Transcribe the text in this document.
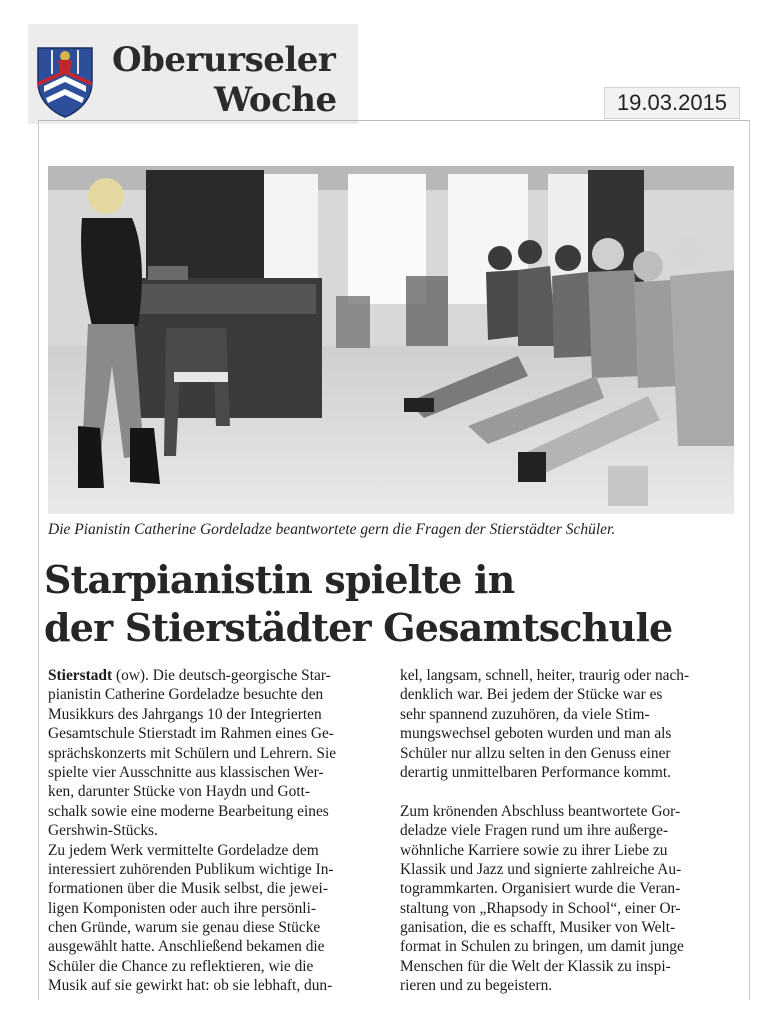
Oberurseler
Woche	19.03.2015
Die Pianistin Catherine Gordeladze beantwortete gern die Fragen der Stierstädter Schüler.
Starpianistin spielte in
der Stierstädter Gesamtschule
Stierstadt (ow). Die deutsch-georgische Star-
pianistin Catherine Gordeladze besuchte den
Musikkurs des Jahrgangs 10 der Integrierten
Gesamtschule Stierstadt im Rahmen eines Ge-
sprächskonzerts mit Schülern und Lehrern. Sie
spielte vier Ausschnitte aus klassischen Wer-
ken, darunter Stücke von Haydn und Gott-
schalk sowie eine moderne Bearbeitung eines
Gershwin-Stücks.
Zu jedem Werk vermittelte Gordeladze dem
interessiert zuhörenden Publikum wichtige In-
formationen über die Musik selbst, die jewei-
ligen Komponisten oder auch ihre persönli-
chen Gründe, warum sie genau diese Stücke
ausgewählt hatte. Anschließend bekamen die
Schüler die Chance zu reflektieren, wie die
Musik auf sie gewirkt hat: ob sie lebhaft, dun-
kel, langsam, schnell, heiter, traurig oder nach-
denklich war. Bei jedem der Stücke war es
sehr spannend zuzuhören, da viele Stim-
mungswechsel geboten wurden und man als
Schüler nur allzu selten in den Genuss einer
derartig unmittelbaren Performance kommt.
Zum krönenden Abschluss beantwortete Gor-
deladze viele Fragen rund um ihre außerge-
wöhnliche Karriere sowie zu ihrer Liebe zu
Klassik und Jazz und signierte zahlreiche Au-
togrammkarten. Organisiert wurde die Veran-
staltung von „Rhapsody in School“, einer Or-
ganisation, die es schafft, Musiker von Welt-
format in Schulen zu bringen, um damit junge
Menschen für die Welt der Klassik zu inspi-
rieren und zu begeistern.
